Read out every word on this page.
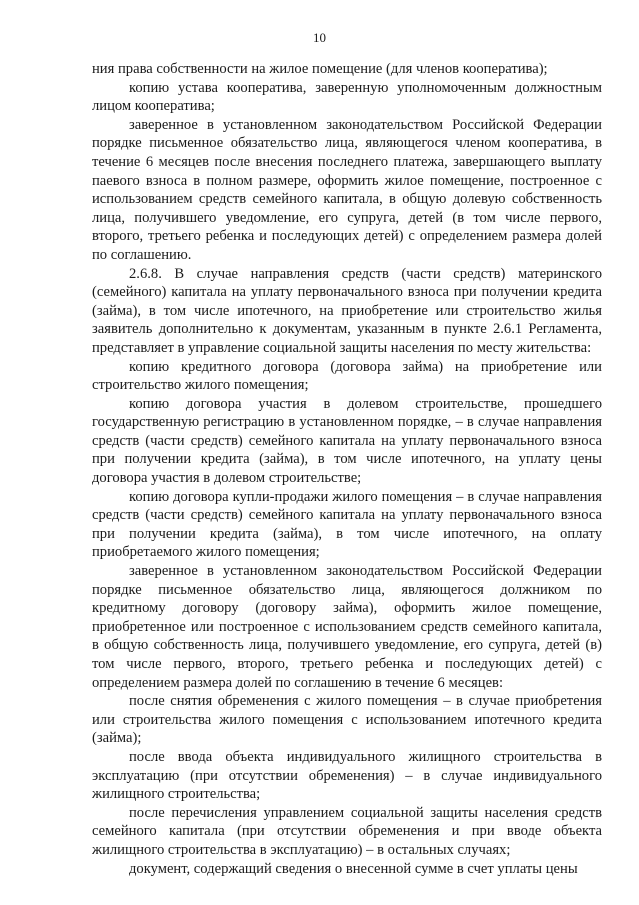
10

ния права собственности на жилое помещение (для членов кооператива);

копию устава кооператива, заверенную уполномоченным должностным лицом кооператива;

заверенное в установленном законодательством Российской Федерации порядке письменное обязательство лица, являющегося членом кооператива, в течение 6 месяцев после внесения последнего платежа, завершающего выплату паевого взноса в полном размере, оформить жилое помещение, построенное с использованием средств семейного капитала, в общую долевую собственность лица, получившего уведомление, его супруга, детей (в том числе первого, второго, третьего ребенка и последующих детей) с определением размера долей по соглашению.

2.6.8. В случае направления средств (части средств) материнского (семейного) капитала на уплату первоначального взноса при получении кредита (займа), в том числе ипотечного, на приобретение или строительство жилья заявитель дополнительно к документам, указанным в пункте 2.6.1 Регламента, представляет в управление социальной защиты населения по месту жительства:

копию кредитного договора (договора займа) на приобретение или строительство жилого помещения;

копию договора участия в долевом строительстве, прошедшего государственную регистрацию в установленном порядке, – в случае направления средств (части средств) семейного капитала на уплату первоначального взноса при получении кредита (займа), в том числе ипотечного, на уплату цены договора участия в долевом строительстве;

копию договора купли-продажи жилого помещения – в случае направления средств (части средств) семейного капитала на уплату первоначального взноса при получении кредита (займа), в том числе ипотечного, на оплату приобретаемого жилого помещения;

заверенное в установленном законодательством Российской Федерации порядке письменное обязательство лица, являющегося должником по кредитному договору (договору займа), оформить жилое помещение, приобретенное или построенное с использованием средств семейного капитала, в общую собственность лица, получившего уведомление, его супруга, детей (в) том числе первого, второго, третьего ребенка и последующих детей) с определением размера долей по соглашению в течение 6 месяцев:

после снятия обременения с жилого помещения – в случае приобретения или строительства жилого помещения с использованием ипотечного кредита (займа);

после ввода объекта индивидуального жилищного строительства в эксплуатацию (при отсутствии обременения) – в случае индивидуального жилищного строительства;

после перечисления управлением социальной защиты населения средств семейного капитала (при отсутствии обременения и при вводе объекта жилищного строительства в эксплуатацию) – в остальных случаях;

документ, содержащий сведения о внесенной сумме в счет уплаты цены
